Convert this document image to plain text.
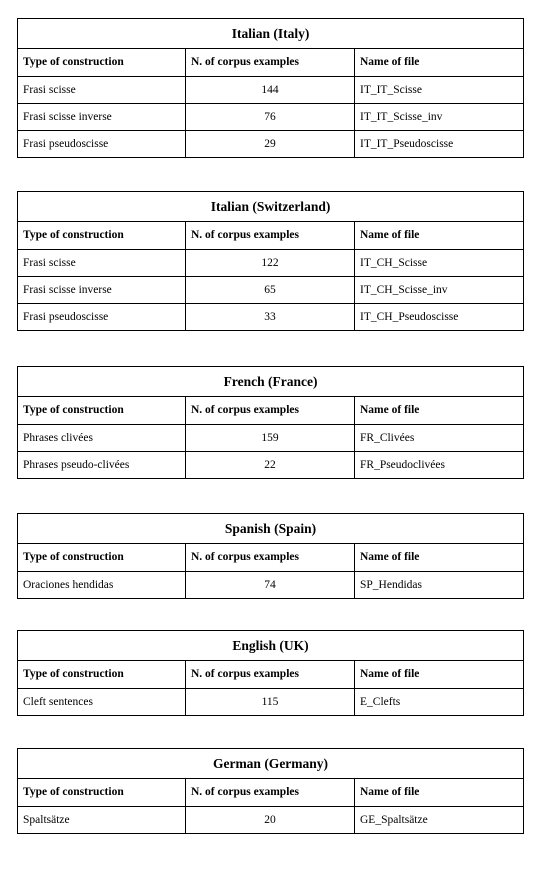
Italian (Italy)		
Type of construction	N. of corpus examples	Name of file
Frasi scisse	144	IT_IT_Scisse
Frasi scisse inverse	76	IT_IT_Scisse_inv
Frasi pseudoscisse	29	IT_IT_Pseudoscisse
Italian (Switzerland)		
Type of construction	N. of corpus examples	Name of file
Frasi scisse	122	IT_CH_Scisse
Frasi scisse inverse	65	IT_CH_Scisse_inv
Frasi pseudoscisse	33	IT_CH_Pseudoscisse
French (France)		
Type of construction	N. of corpus examples	Name of file
Phrases clivées	159	FR_Clivées
Phrases pseudo-clivées	22	FR_Pseudoclivées
Spanish (Spain)		
Type of construction	N. of corpus examples	Name of file
Oraciones hendidas	74	SP_Hendidas
English (UK)		
Type of construction	N. of corpus examples	Name of file
Cleft sentences	115	E_Clefts
German (Germany)		
Type of construction	N. of corpus examples	Name of file
Spaltsätze	20	GE_Spaltsätze
